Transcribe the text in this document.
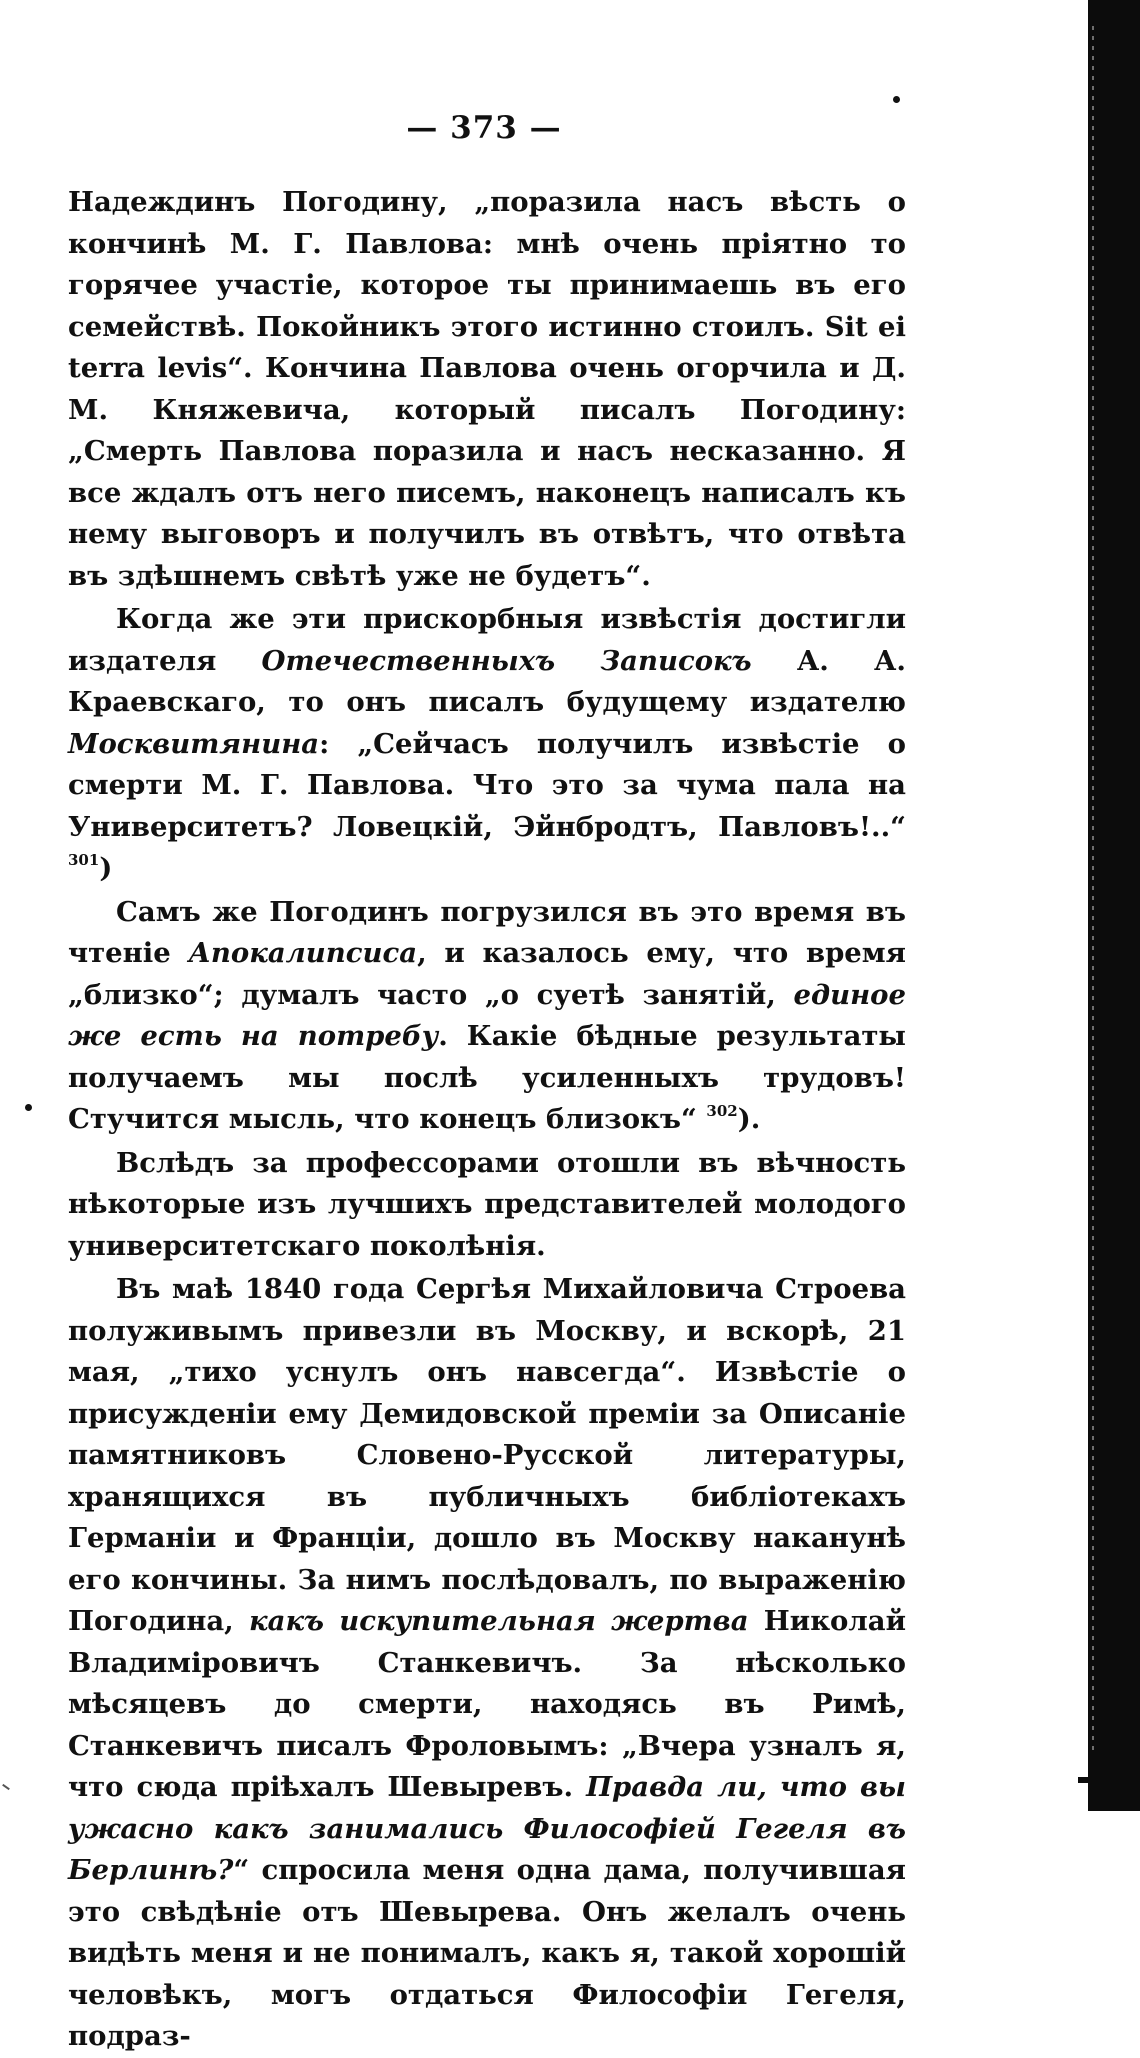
— 373 —

Надеждинъ Погодину, „поразила насъ вѣсть о кончинѣ М. Г. Павлова: мнѣ очень пріятно то горячее участіе, которое ты принимаешь въ его семействѣ. Покойникъ этого истинно стоилъ. Sit ei terra levis“. Кончина Павлова очень огорчила и Д. М. Княжевича, который писалъ Погодину: „Смерть Павлова поразила и насъ несказанно. Я все ждалъ отъ него писемъ, наконецъ написалъ къ нему выговоръ и получилъ въ отвѣтъ, что отвѣта въ здѣшнемъ свѣтѣ уже не будетъ“.

Когда же эти прискорбныя извѣстія достигли издателя Отечественныхъ Записокъ А. А. Краевскаго, то онъ писалъ будущему издателю Москвитянина: „Сейчасъ получилъ извѣстіе о смерти М. Г. Павлова. Что это за чума пала на Университетъ? Ловецкій, Эйнбродтъ, Павловъ!..“ $^{301}$)

Самъ же Погодинъ погрузился въ это время въ чтеніе Апокалипсиса, и казалось ему, что время „близко“; думалъ часто „о суетѣ занятій, единое же есть на потребу. Какіе бѣдные результаты получаемъ мы послѣ усиленныхъ трудовъ! Стучится мысль, что конецъ близокъ“ $^{302}$).

Вслѣдъ за профессорами отошли въ вѣчность нѣкоторые изъ лучшихъ представителей молодого университетскаго поколѣнія.

Въ маѣ 1840 года Сергѣя Михайловича Строева полуживымъ привезли въ Москву, и вскорѣ, 21 мая, „тихо уснулъ онъ навсегда“. Извѣстіе о присужденіи ему Демидовской преміи за Описаніе памятниковъ Словено-Русской литературы, хранящихся въ публичныхъ библіотекахъ Германіи и Франціи, дошло въ Москву наканунѣ его кончины. За нимъ послѣдовалъ, по выраженію Погодина, какъ искупительная жертва Николай Владиміровичъ Станкевичъ. За нѣсколько мѣсяцевъ до смерти, находясь въ Римѣ, Станкевичъ писалъ Фроловымъ: „Вчера узналъ я, что сюда пріѣхалъ Шевыревъ. Правда ли, что вы ужасно какъ занимались Философіей Гегеля въ Берлинѣ?“ спросила меня одна дама, получившая это свѣдѣніе отъ Шевырева. Онъ желалъ очень видѣть меня и не понималъ, какъ я, такой хорошій человѣкъ, могъ отдаться Философіи Гегеля, подраз-
